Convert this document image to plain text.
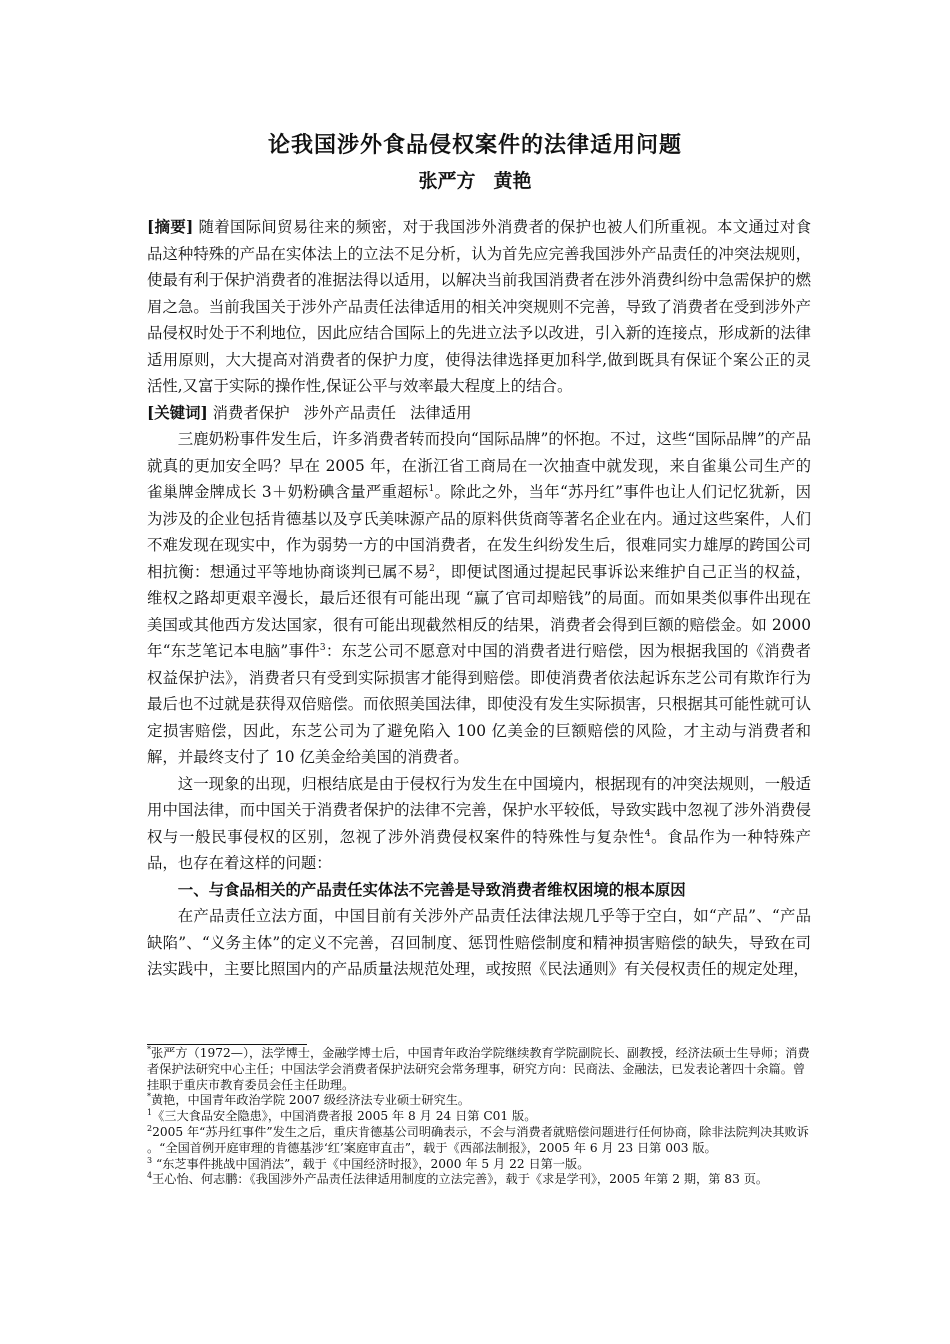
论我国涉外食品侵权案件的法律适用问题
张严方 黄艳

[摘要] 随着国际间贸易往来的频密，对于我国涉外消费者的保护也被人们所重视。本文通过对食品这种特殊的产品在实体法上的立法不足分析，认为首先应完善我国涉外产品责任的冲突法规则，使最有利于保护消费者的准据法得以适用，以解决当前我国消费者在涉外消费纠纷中急需保护的燃眉之急。当前我国关于涉外产品责任法律适用的相关冲突规则不完善，导致了消费者在受到涉外产品侵权时处于不利地位，因此应结合国际上的先进立法予以改进，引入新的连接点，形成新的法律适用原则，大大提高对消费者的保护力度，使得法律选择更加科学,做到既具有保证个案公正的灵活性,又富于实际的操作性,保证公平与效率最大程度上的结合。

[关键词] 消费者保护 涉外产品责任 法律适用

三鹿奶粉事件发生后，许多消费者转而投向“国际品牌”的怀抱。不过，这些“国际品牌”的产品就真的更加安全吗？早在 2005 年，在浙江省工商局在一次抽查中就发现，来自雀巢公司生产的雀巢牌金牌成长 3＋奶粉碘含量严重超标$^1$。除此之外，当年“苏丹红”事件也让人们记忆犹新，因为涉及的企业包括肯德基以及亨氏美味源产品的原料供货商等著名企业在内。通过这些案件，人们不难发现在现实中，作为弱势一方的中国消费者，在发生纠纷发生后，很难同实力雄厚的跨国公司相抗衡：想通过平等地协商谈判已属不易$^2$，即便试图通过提起民事诉讼来维护自己正当的权益，维权之路却更艰辛漫长，最后还很有可能出现 “赢了官司却赔钱”的局面。而如果类似事件出现在美国或其他西方发达国家，很有可能出现截然相反的结果，消费者会得到巨额的赔偿金。如 2000 年“东芝笔记本电脑”事件$^3$：东芝公司不愿意对中国的消费者进行赔偿，因为根据我国的《消费者权益保护法》，消费者只有受到实际损害才能得到赔偿。即使消费者依法起诉东芝公司有欺诈行为最后也不过就是获得双倍赔偿。而依照美国法律，即使没有发生实际损害，只根据其可能性就可认定损害赔偿，因此，东芝公司为了避免陷入 100 亿美金的巨额赔偿的风险，才主动与消费者和解，并最终支付了 10 亿美金给美国的消费者。

这一现象的出现，归根结底是由于侵权行为发生在中国境内，根据现有的冲突法规则，一般适用中国法律，而中国关于消费者保护的法律不完善，保护水平较低，导致实践中忽视了涉外消费侵权与一般民事侵权的区别，忽视了涉外消费侵权案件的特殊性与复杂性$^4$。食品作为一种特殊产品，也存在着这样的问题：

一、与食品相关的产品责任实体法不完善是导致消费者维权困境的根本原因

在产品责任立法方面，中国目前有关涉外产品责任法律法规几乎等于空白，如“产品”、“产品缺陷”、“义务主体”的定义不完善，召回制度、惩罚性赔偿制度和精神损害赔偿的缺失，导致在司法实践中，主要比照国内的产品质量法规范处理，或按照《民法通则》有关侵权责任的规定处理，

*张严方（1972—），法学博士，金融学博士后，中国青年政治学院继续教育学院副院长、副教授，经济法硕士生导师；消费者保护法研究中心主任；中国法学会消费者保护法研究会常务理事，研究方向：民商法、金融法，已发表论著四十余篇。曾挂职于重庆市教育委员会任主任助理。

*黄艳，中国青年政治学院 2007 级经济法专业硕士研究生。

$^1$《三大食品安全隐患》，中国消费者报 2005 年 8 月 24 日第 C01 版。

$^2$2005 年“苏丹红事件”发生之后，重庆肯德基公司明确表示，不会与消费者就赔偿问题进行任何协商，除非法院判决其败诉 。“全国首例开庭审理的肯德基涉‘红’案庭审直击”，载于《西部法制报》，2005 年 6 月 23 日第 003 版。

$^3$ “东芝事件挑战中国消法”，载于《中国经济时报》，2000 年 5 月 22 日第一版。

$^4$王心怡、何志鹏：《我国涉外产品责任法律适用制度的立法完善》，载于《求是学刊》，2005 年第 2 期，第 83 页。
